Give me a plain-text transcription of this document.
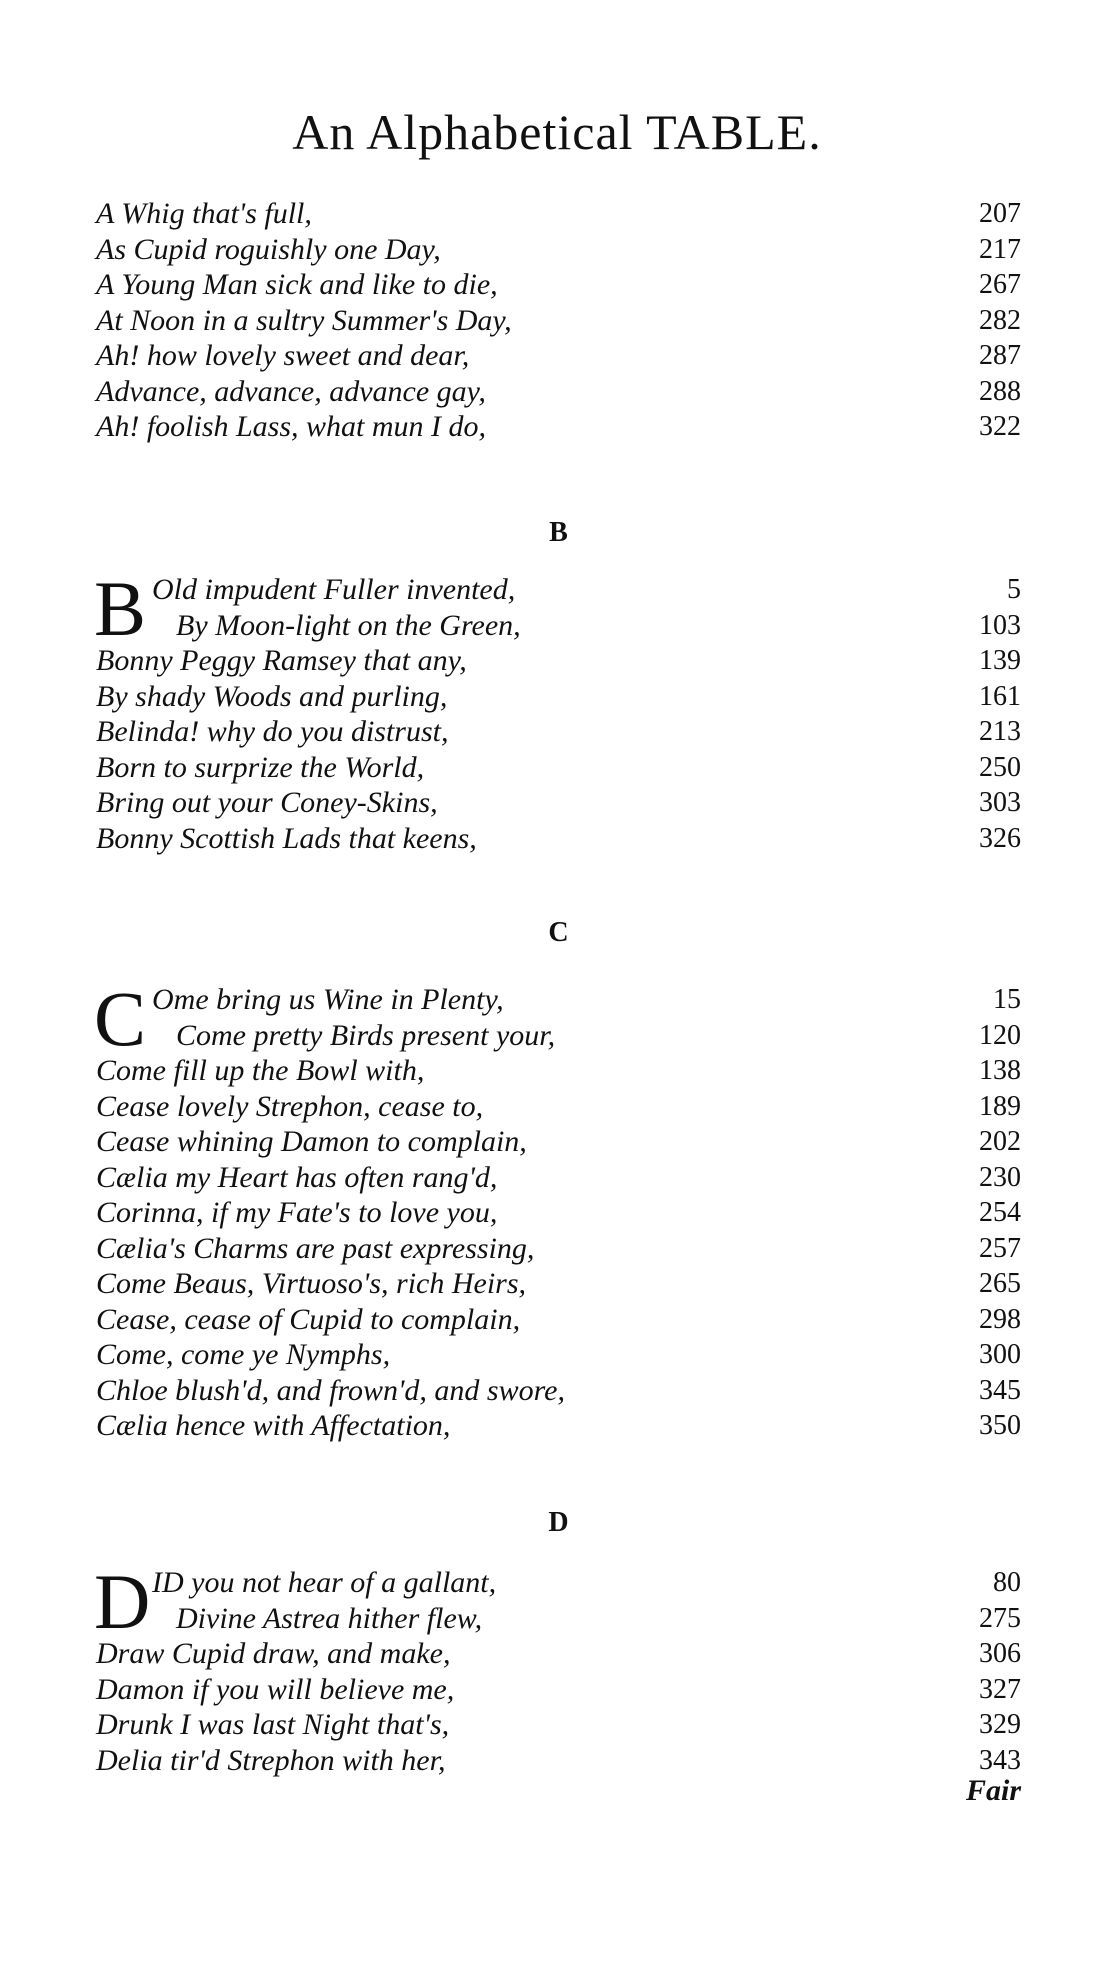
An Alphabetical TABLE.
A Whig that's full,	207
As Cupid roguishly one Day,	217
A Young Man sick and like to die,	267
At Noon in a sultry Summer's Day,	282
Ah! how lovely sweet and dear,	287
Advance, advance, advance gay,	288
Ah! foolish Lass, what mun I do,	322
B
B Old impudent Fuller invented,	5
By Moon-light on the Green,	103
Bonny Peggy Ramsey that any,	139
By shady Woods and purling,	161
Belinda! why do you distrust,	213
Born to surprize the World,	250
Bring out your Coney-Skins,	303
Bonny Scottish Lads that keens,	326
C
C Ome bring us Wine in Plenty,	15
Come pretty Birds present your,	120
Come fill up the Bowl with,	138
Cease lovely Strephon, cease to,	189
Cease whining Damon to complain,	202
Cælia my Heart has often rang'd,	230
Corinna, if my Fate's to love you,	254
Cælia's Charms are past expressing,	257
Come Beaus, Virtuoso's, rich Heirs,	265
Cease, cease of Cupid to complain,	298
Come, come ye Nymphs,	300
Chloe blush'd, and frown'd, and swore,	345
Cælia hence with Affectation,	350
D
D ID you not hear of a gallant,	80
Divine Astrea hither flew,	275
Draw Cupid draw, and make,	306
Damon if you will believe me,	327
Drunk I was last Night that's,	329
Delia tir'd Strephon with her,	343
Fair
